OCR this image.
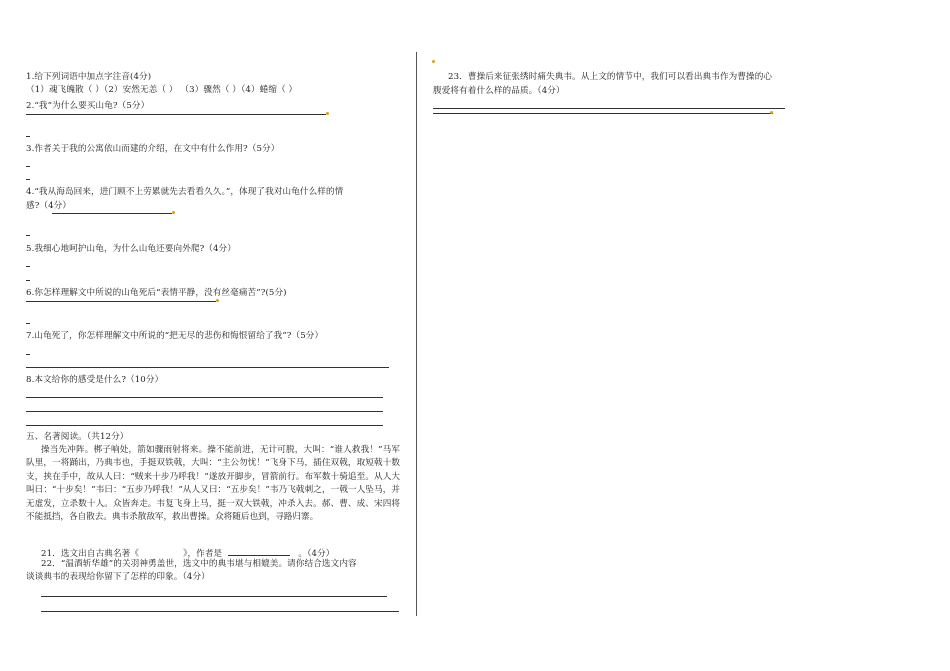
1.给下列词语中加点字注音(4分)
（1）魂飞魄散（ ）（2）安然无恙（ ） （3）骤然（ ）（4）蜷缩（ ）
2.“我”为什么要买山龟?（5分）
3.作者关于我的公寓依山而建的介绍，在文中有什么作用?（5分）
4.“我从海岛回来，进门顾不上劳累就先去看看久久。”，体现了我对山龟什么样的情
感?（4分）
5.我细心地呵护山龟，为什么山龟还要向外爬?（4分）
6.你怎样理解文中所说的山龟死后“表情平静，没有丝毫痛苦”?(5分)
7.山龟死了，你怎样理解文中所说的“把无尽的悲伤和悔恨留给了我”?（5分）
8.本文给你的感受是什么?（10分）
五、名著阅读。（共12分）
操当先冲阵。梆子响处，箭如骤雨射将来。操不能前进，无计可脱，大叫：“谁人救我！”马军队里，一将踊出，乃典韦也，手挺双铁戟，大叫：“主公勿忧！”飞身下马，插住双戟，取短戟十数支，挟在手中，故从人曰：“贼来十步乃呼我！”遂放开脚步，冒箭前行。布军数十骑追至。从人大叫曰：“十步矣！”韦曰：“五步乃呼我！”从人又曰：“五步矣！”韦乃飞戟刺之，一戟一人坠马，并无虚发，立杀数十人。众皆奔走。韦复飞身上马，挺一双大铁戟，冲杀入去。郝、曹、成、宋四将不能抵挡，各自散去。典韦杀散敌军，救出曹操。众将随后也到，寻路归寨。
21．选文出自古典名著《	》，作者是	。（4分）
22．“温酒斩华雄”的关羽神勇盖世，选文中的典韦堪与相媲美。请你结合选文内容
谈谈典韦的表现给你留下了怎样的印象。（4分）
23．曹操后来征张绣时痛失典韦。从上文的情节中，我们可以看出典韦作为曹操的心
腹爱将有着什么样的品质。（4分）
